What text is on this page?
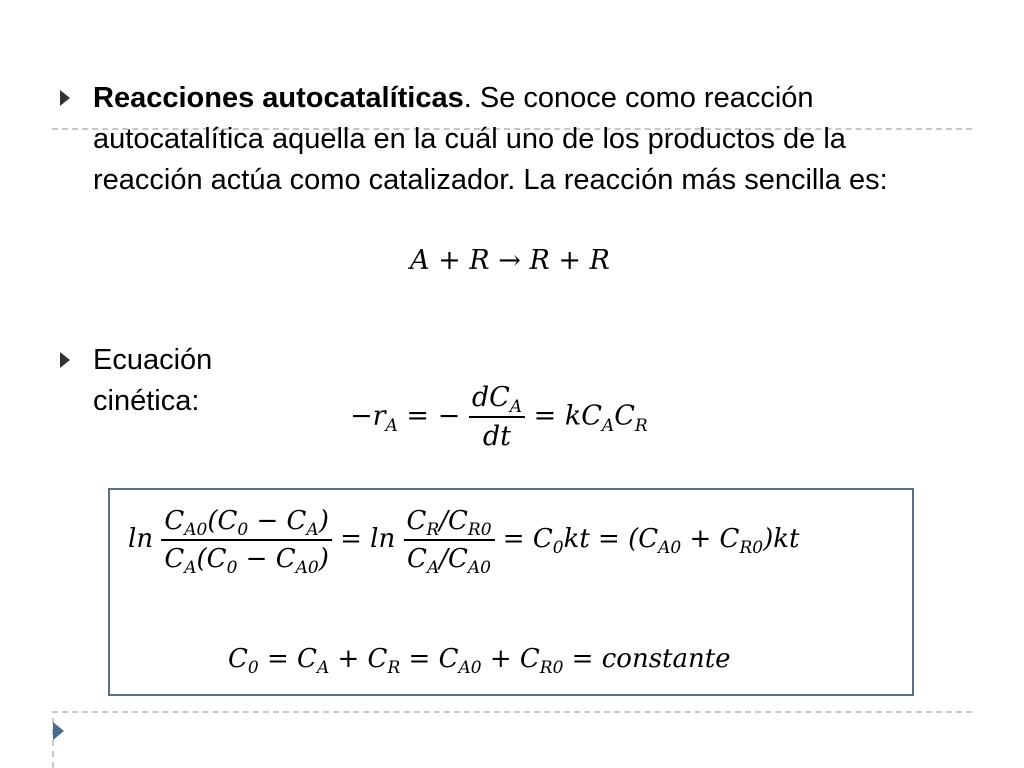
Reacciones autocatalíticas. Se conoce como reacción
autocatalítica aquella en la cuál uno de los productos de la
reacción actúa como catalizador. La reacción más sencilla es:
A + R → R + R
Ecuación cinética:	$-r_A$ = − $\frac{dC_A}{dt} = kC_AC_R$
$\ln \frac{C_{A0}(C_0 - C_A)}{C_A(C_0 - C_{A0})} = \ln \frac{C_R/C_{R0}}{C_A/C_{A0}} = C_0kt = (C_{A0} + C_{R0})kt$
$C_0 = C_A + C_R = C_{A0} + C_{R0}$ = constante
